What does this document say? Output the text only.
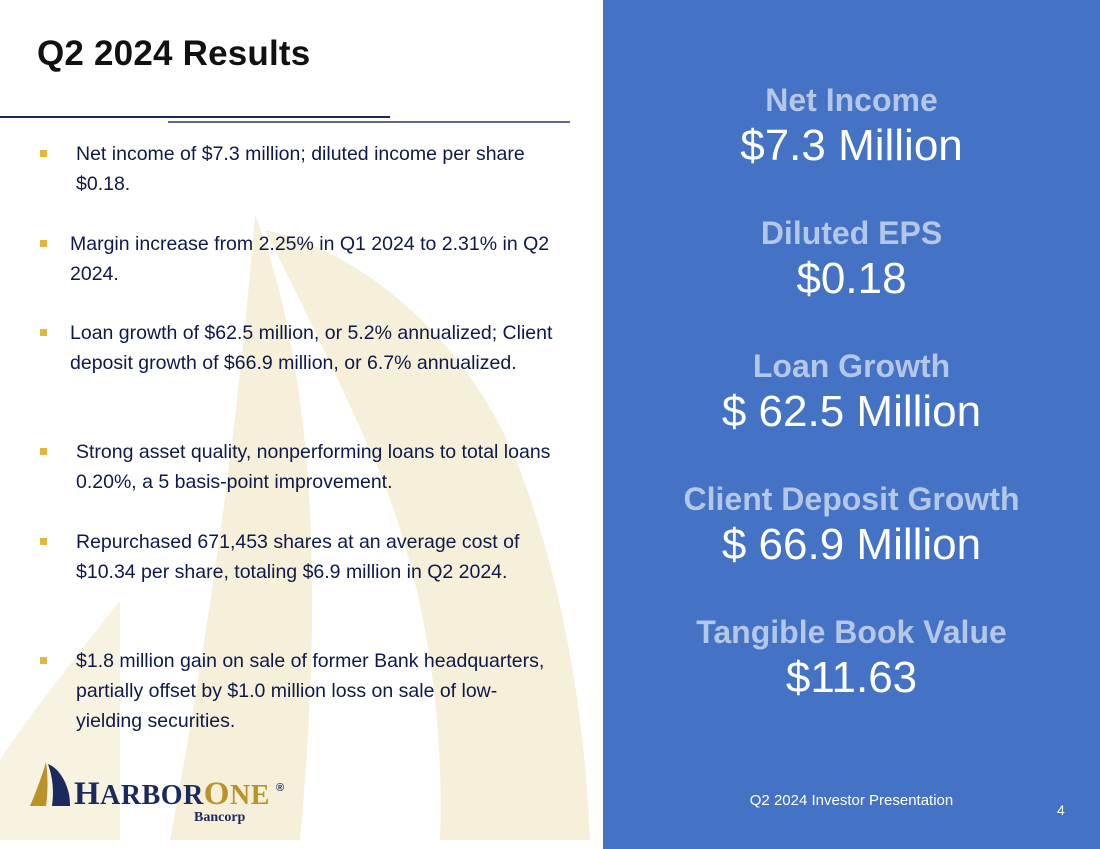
Q2 2024 Results
Net income of $7.3 million; diluted income per share $0.18.
Margin increase from 2.25% in Q1 2024 to 2.31% in Q2 2024.
Loan growth of $62.5 million, or 5.2% annualized; Client deposit growth of $66.9 million, or 6.7% annualized.
Strong asset quality, nonperforming loans to total loans 0.20%, a 5 basis-point improvement.
Repurchased 671,453 shares at an average cost of $10.34 per share, totaling $6.9 million in Q2 2024.
$1.8 million gain on sale of former Bank headquarters, partially offset by $1.0 million loss on sale of low-yielding securities.
HARBORONE ®
Bancorp
Net Income
$7.3 Million
Diluted EPS
$0.18
Loan Growth
$ 62.5 Million
Client Deposit Growth
$ 66.9 Million
Tangible Book Value
$11.63
Q2 2024 Investor Presentation
4
